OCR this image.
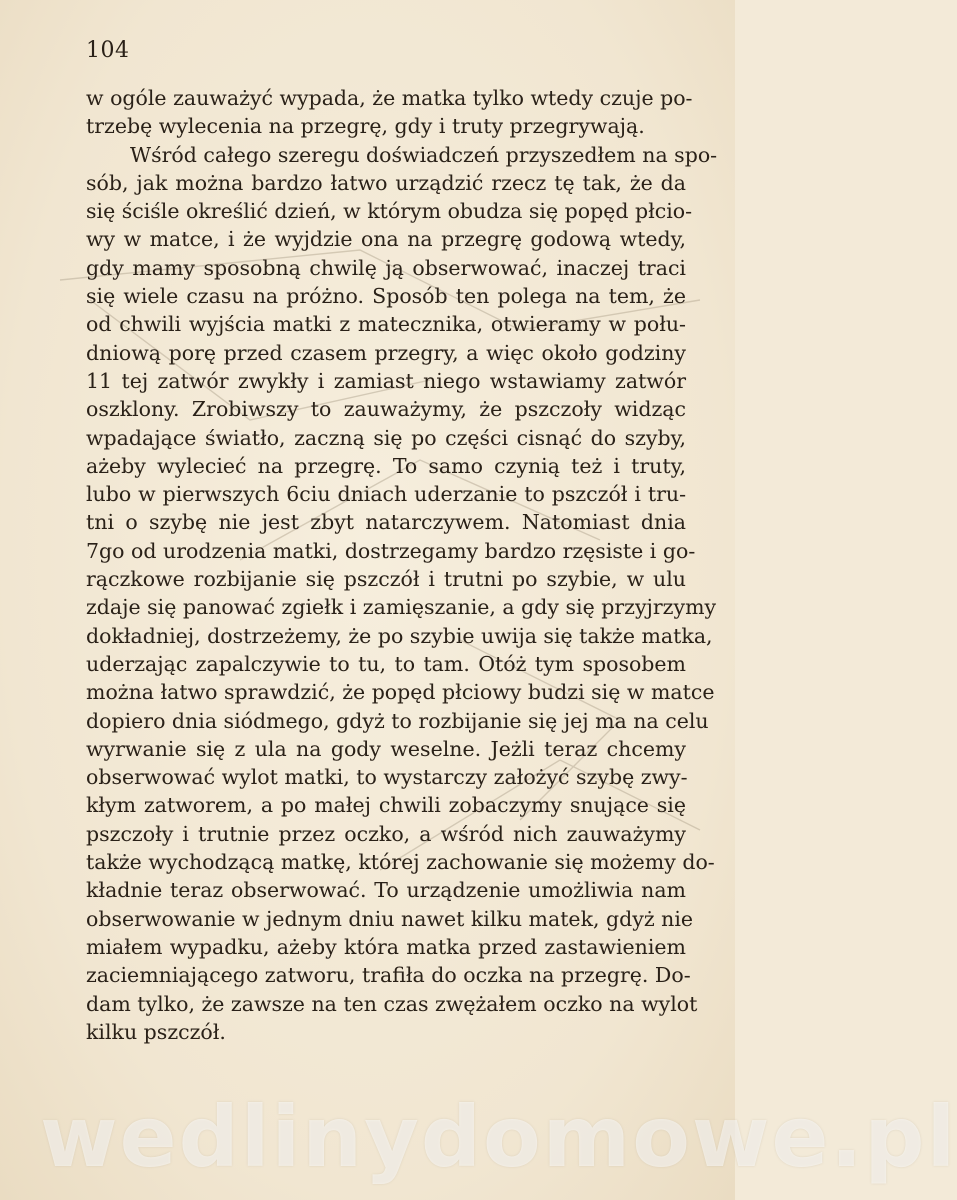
104
w ogóle zauważyć wypada, że matka tylko wtedy czuje po-
trzebę wylecenia na przegrę, gdy i truty przegrywają.
Wśród całego szeregu doświadczeń przyszedłem na spo-
sób, jak można bardzo łatwo urządzić rzecz tę tak, że da
się ściśle określić dzień, w którym obudza się popęd płcio-
wy w matce, i że wyjdzie ona na przegrę godową wtedy,
gdy mamy sposobną chwilę ją obserwować, inaczej traci
się wiele czasu na próżno. Sposób ten polega na tem, że
od chwili wyjścia matki z matecznika, otwieramy w połu-
dniową porę przed czasem przegry, a więc około godziny
11 tej zatwór zwykły i zamiast niego wstawiamy zatwór
oszklony. Zrobiwszy to zauważymy, że pszczoły widząc
wpadające światło, zaczną się po części cisnąć do szyby,
ażeby wylecieć na przegrę. To samo czynią też i truty,
lubo w pierwszych 6ciu dniach uderzanie to pszczół i tru-
tni o szybę nie jest zbyt natarczywem. Natomiast dnia
7go od urodzenia matki, dostrzegamy bardzo rzęsiste i go-
rączkowe rozbijanie się pszczół i trutni po szybie, w ulu
zdaje się panować zgiełk i zamięszanie, a gdy się przyjrzymy
dokładniej, dostrzeżemy, że po szybie uwija się także matka,
uderzając zapalczywie to tu, to tam. Otóż tym sposobem
można łatwo sprawdzić, że popęd płciowy budzi się w matce
dopiero dnia siódmego, gdyż to rozbijanie się jej ma na celu
wyrwanie się z ula na gody weselne. Jeżli teraz chcemy
obserwować wylot matki, to wystarczy założyć szybę zwy-
kłym zatworem, a po małej chwili zobaczymy snujące się
pszczoły i trutnie przez oczko, a wśród nich zauważymy
także wychodzącą matkę, której zachowanie się możemy do-
kładnie teraz obserwować. To urządzenie umożliwia nam
obserwowanie w jednym dniu nawet kilku matek, gdyż nie
miałem wypadku, ażeby która matka przed zastawieniem
zaciemniającego zatworu, trafiła do oczka na przegrę. Do-
dam tylko, że zawsze na ten czas zwężałem oczko na wylot
kilku pszczół.
wedlinydomowe.pl
